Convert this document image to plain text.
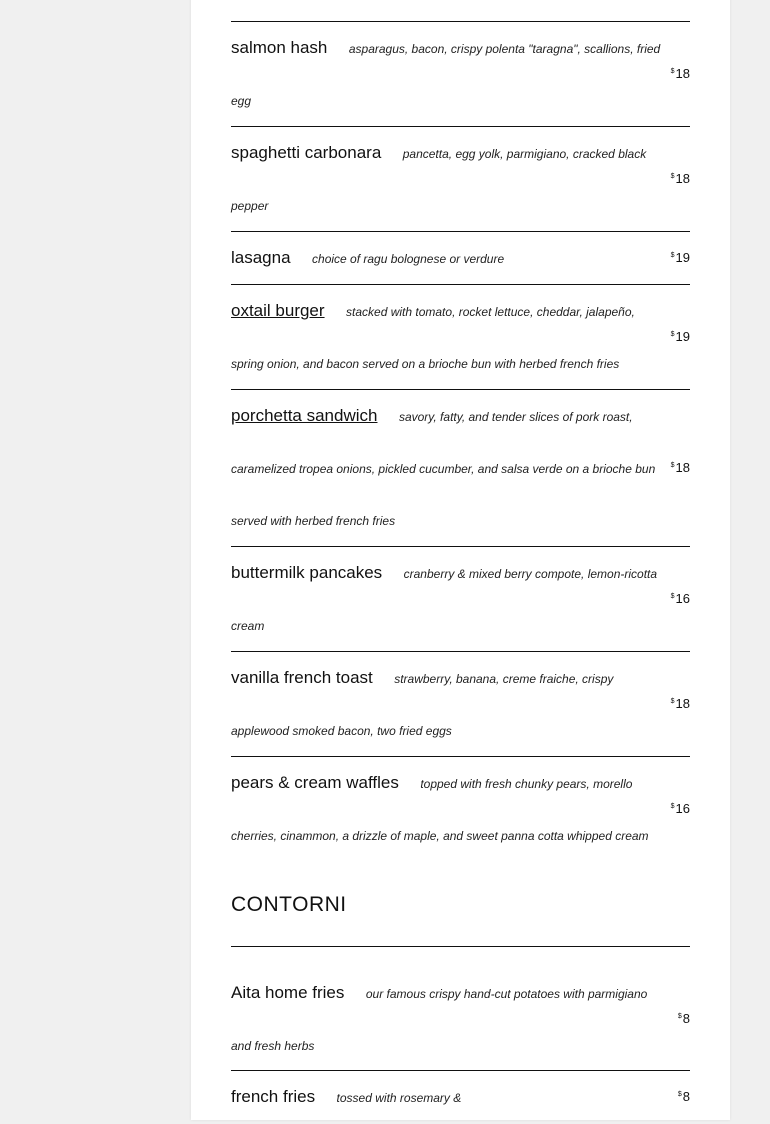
salmon hash asparagus, bacon, crispy polenta "taragna", scallions, fried egg
$18
spaghetti carbonara pancetta, egg yolk, parmigiano, cracked black pepper
$18
lasagna choice of ragu bolognese or verdure	$19
oxtail burger stacked with tomato, rocket lettuce, cheddar, jalapeño, spring onion, and bacon served on a brioche bun with herbed french fries
$19
porchetta sandwich savory, fatty, and tender slices of pork roast, caramelized tropea onions, pickled cucumber, and salsa verde on a brioche bun served with herbed french fries
$18
buttermilk pancakes cranberry & mixed berry compote, lemon-ricotta cream
$16
vanilla french toast strawberry, banana, creme fraiche, crispy applewood smoked bacon, two fried eggs
$18
pears & cream waffles topped with fresh chunky pears, morello cherries, cinammon, a drizzle of maple, and sweet panna cotta whipped cream
$16
CONTORNI
Aita home fries our famous crispy hand-cut potatoes with parmigiano and fresh herbs
$8
french fries tossed with rosemary &	$8
